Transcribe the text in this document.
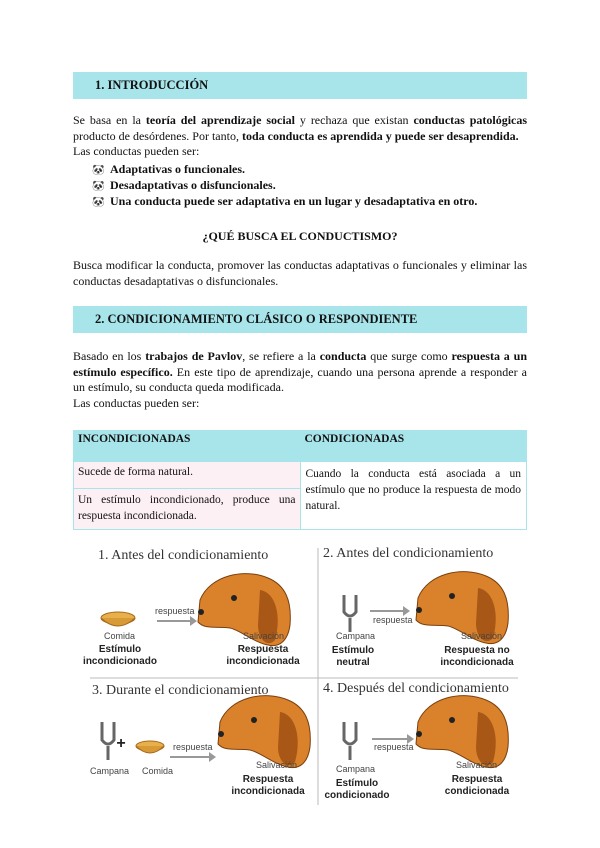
1. INTRODUCCIÓN
Se basa en la teoría del aprendizaje social y rechaza que existan conductas patológicas producto de desórdenes. Por tanto, toda conducta es aprendida y puede ser desaprendida.
Las conductas pueden ser:
🐼 Adaptativas o funcionales.
🐼 Desadaptativas o disfuncionales.
🐼 Una conducta puede ser adaptativa en un lugar y desadaptativa en otro.
¿QUÉ BUSCA EL CONDUCTISMO?
Busca modificar la conducta, promover las conductas adaptativas o funcionales y eliminar las conductas desadaptativas o disfuncionales.
2. CONDICIONAMIENTO CLÁSICO O RESPONDIENTE
Basado en los trabajos de Pavlov, se refiere a la conducta que surge como respuesta a un estímulo específico. En este tipo de aprendizaje, cuando una persona aprende a responder a un estímulo, su conducta queda modificada.
Las conductas pueden ser:
INCONDICIONADAS	CONDICIONADAS
Sucede de forma natural.	Cuando la conducta está asociada a un estímulo que no produce la respuesta de modo natural.
Un estímulo incondicionado, produce una respuesta incondicionada.	
1. Antes del condicionamiento
respuesta
Comida	Salivación
Estímulo
incondicionado
Respuesta
incondicionada
2. Antes del condicionamiento
respuesta
Campana	Salivación
Estímulo
neutral
Respuesta no
incondicionada
3. Durante el condicionamiento
+	respuesta
Campana Comida
Salivación
Respuesta
incondicionada
4. Después del condicionamiento
respuesta
Campana	Salivación
Estímulo
condicionado
Respuesta
condicionada
